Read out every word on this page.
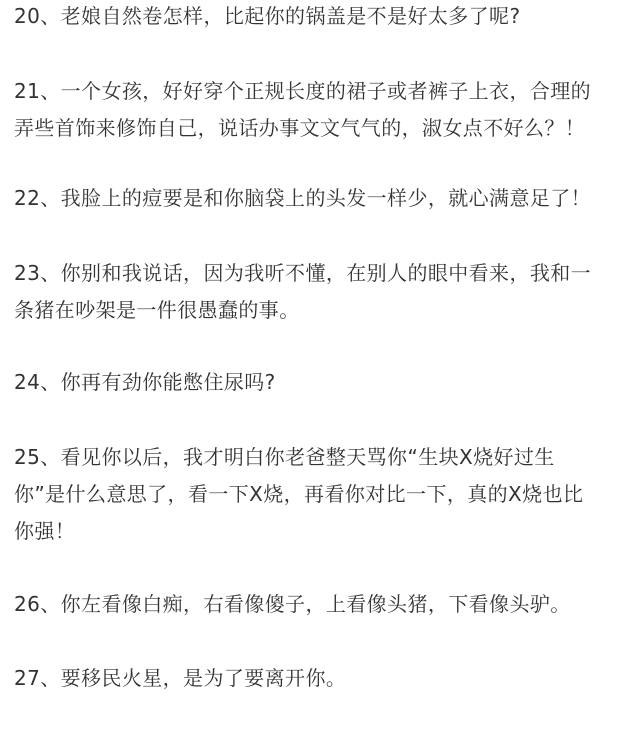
20、老娘自然卷怎样，比起你的锅盖是不是好太多了呢?

21、一个女孩，好好穿个正规长度的裙子或者裤子上衣，合理的
弄些首饰来修饰自己，说话办事文文气气的，淑女点不好么？！

22、我脸上的痘要是和你脑袋上的头发一样少，就心满意足了！

23、你别和我说话，因为我听不懂，在别人的眼中看来，我和一
条猪在吵架是一件很愚蠢的事。

24、你再有劲你能憋住尿吗?

25、看见你以后，我才明白你老爸整天骂你“生块X烧好过生
你”是什么意思了，看一下X烧，再看你对比一下，真的X烧也比
你强！

26、你左看像白痴，右看像傻子，上看像头猪，下看像头驴。

27、要移民火星，是为了要离开你。
